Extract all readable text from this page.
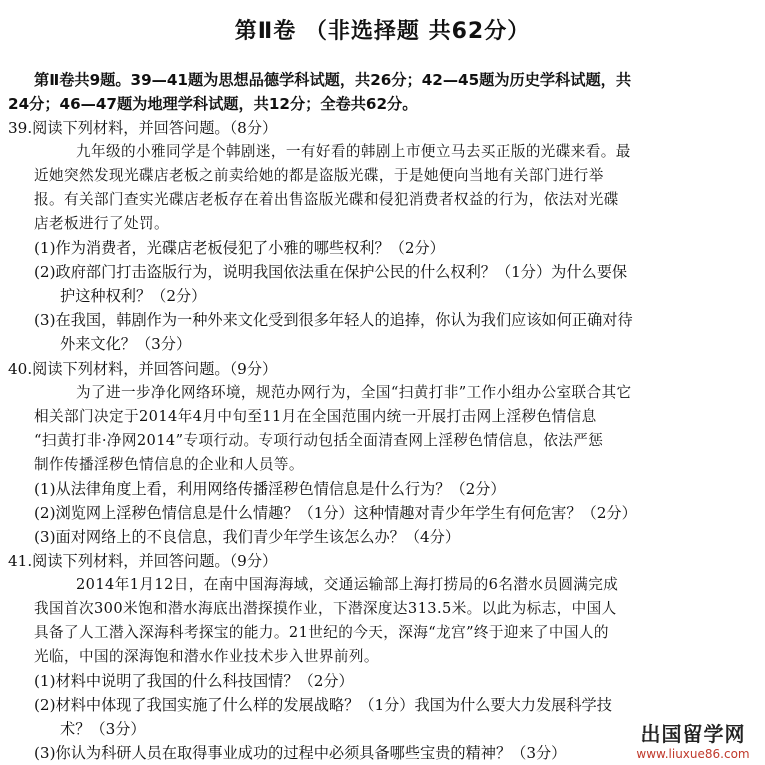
第Ⅱ卷 （非选择题 共62分）
第Ⅱ卷共9题。39—41题为思想品德学科试题，共26分；42—45题为历史学科试题，共
24分；46—47题为地理学科试题，共12分；全卷共62分。
39.阅读下列材料，并回答问题。（8分）
九年级的小雅同学是个韩剧迷，一有好看的韩剧上市便立马去买正版的光碟来看。最
近她突然发现光碟店老板之前卖给她的都是盗版光碟，于是她便向当地有关部门进行举
报。有关部门查实光碟店老板存在着出售盗版光碟和侵犯消费者权益的行为，依法对光碟
店老板进行了处罚。
(1)作为消费者，光碟店老板侵犯了小雅的哪些权利？（2分）
(2)政府部门打击盗版行为，说明我国依法重在保护公民的什么权利？（1分）为什么要保
护这种权利？（2分）
(3)在我国，韩剧作为一种外来文化受到很多年轻人的追捧，你认为我们应该如何正确对待
外来文化？（3分）
40.阅读下列材料，并回答问题。（9分）
为了进一步净化网络环境，规范办网行为，全国“扫黄打非”工作小组办公室联合其它
相关部门决定于2014年4月中旬至11月在全国范围内统一开展打击网上淫秽色情信息
“扫黄打非·净网2014”专项行动。专项行动包括全面清查网上淫秽色情信息，依法严惩
制作传播淫秽色情信息的企业和人员等。
(1)从法律角度上看，利用网络传播淫秽色情信息是什么行为？（2分）
(2)浏览网上淫秽色情信息是什么情趣？（1分）这种情趣对青少年学生有何危害？（2分）
(3)面对网络上的不良信息，我们青少年学生该怎么办？（4分）
41.阅读下列材料，并回答问题。（9分）
2014年1月12日，在南中国海海域，交通运输部上海打捞局的6名潜水员圆满完成
我国首次300米饱和潜水海底出潜探摸作业，下潜深度达313.5米。以此为标志，中国人
具备了人工潜入深海科考探宝的能力。21世纪的今天，深海“龙宫”终于迎来了中国人的
光临，中国的深海饱和潜水作业技术步入世界前列。
(1)材料中说明了我国的什么科技国情？（2分）
(2)材料中体现了我国实施了什么样的发展战略？（1分）我国为什么要大力发展科学技
术？（3分）
(3)你认为科研人员在取得事业成功的过程中必须具备哪些宝贵的精神？（3分）
出国留学网
www.liuxue86.com
